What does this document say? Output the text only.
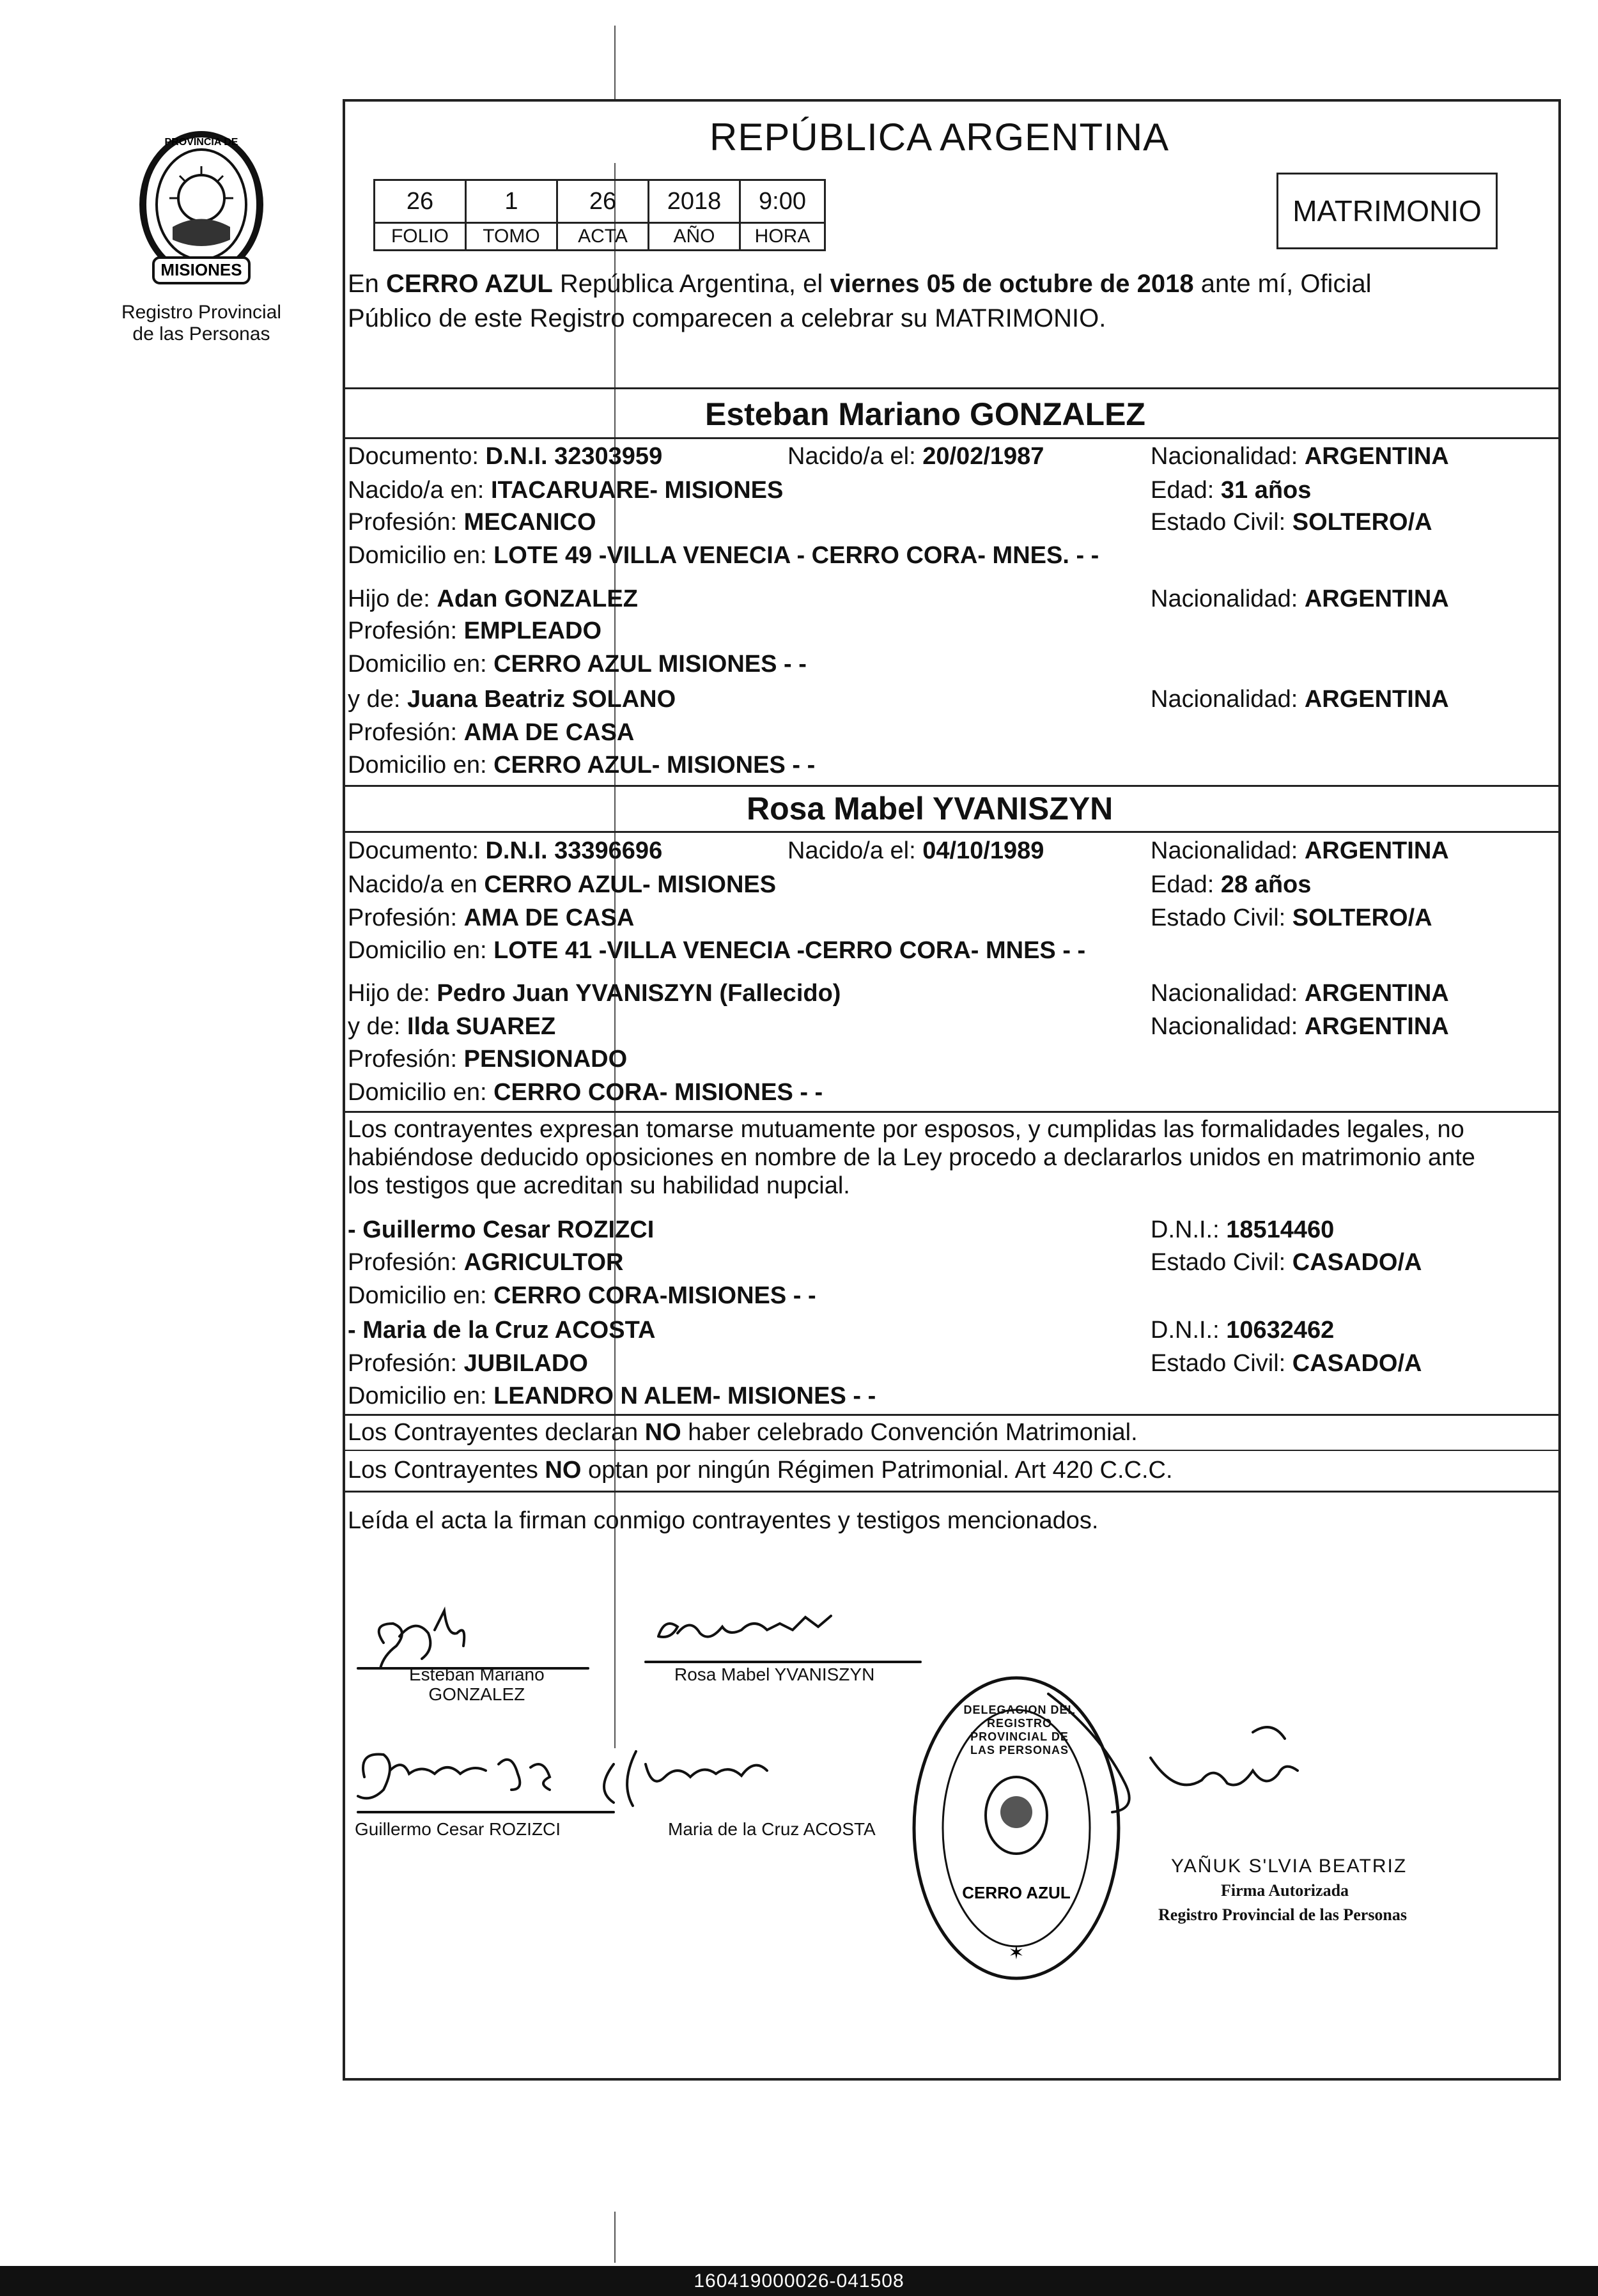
MISIONES
PROVINCIA DE
Registro Provincial
de las Personas
REPÚBLICA ARGENTINA
26	1	26	2018	9:00
FOLIO	TOMO	ACTA	AÑO	HORA
MATRIMONIO
En CERRO AZUL República Argentina, el viernes 05 de octubre de 2018 ante mí, Oficial
Público de este Registro comparecen a celebrar su MATRIMONIO.
Esteban Mariano GONZALEZ
Documento: D.N.I. 32303959	Nacido/a el: 20/02/1987	Nacionalidad: ARGENTINA
Nacido/a en: ITACARUARE- MISIONES	Edad: 31 años
Profesión: MECANICO	Estado Civil: SOLTERO/A
Domicilio en: LOTE 49 -VILLA VENECIA - CERRO CORA- MNES. - -
Hijo de: Adan GONZALEZ	Nacionalidad: ARGENTINA
Profesión: EMPLEADO
Domicilio en: CERRO AZUL MISIONES - -
y de: Juana Beatriz SOLANO	Nacionalidad: ARGENTINA
Profesión: AMA DE CASA
Domicilio en: CERRO AZUL- MISIONES - -
Rosa Mabel YVANISZYN
Documento: D.N.I. 33396696	Nacido/a el: 04/10/1989	Nacionalidad: ARGENTINA
Nacido/a en CERRO AZUL- MISIONES	Edad: 28 años
Profesión: AMA DE CASA	Estado Civil: SOLTERO/A
Domicilio en: LOTE 41 -VILLA VENECIA -CERRO CORA- MNES - -
Hijo de: Pedro Juan YVANISZYN (Fallecido)	Nacionalidad: ARGENTINA
y de: Ilda SUAREZ	Nacionalidad: ARGENTINA
Profesión: PENSIONADO
Domicilio en: CERRO CORA- MISIONES - -
Los contrayentes expresan tomarse mutuamente por esposos, y cumplidas las formalidades legales, no
habiéndose deducido oposiciones en nombre de la Ley procedo a declararlos unidos en matrimonio ante
los testigos que acreditan su habilidad nupcial.
- Guillermo Cesar ROZIZCI	D.N.I.: 18514460
Profesión: AGRICULTOR	Estado Civil: CASADO/A
Domicilio en: CERRO CORA-MISIONES - -
- Maria de la Cruz ACOSTA	D.N.I.: 10632462
Profesión: JUBILADO	Estado Civil: CASADO/A
Domicilio en: LEANDRO N ALEM- MISIONES - -
Los Contrayentes declaran NO haber celebrado Convención Matrimonial.
Los Contrayentes NO optan por ningún Régimen Patrimonial. Art 420 C.C.C.
Leída el acta la firman conmigo contrayentes y testigos mencionados.
Esteban Mariano
GONZALEZ
Rosa Mabel YVANISZYN
Guillermo Cesar ROZIZCI	Maria de la Cruz ACOSTA
CERRO AZUL
✶
DELEGACION DEL REGISTRO PROVINCIAL DE LAS PERSONAS
YAÑUK S'LVIA BEATRIZ
Firma Autorizada
Registro Provincial de las Personas
160419000026-041508
